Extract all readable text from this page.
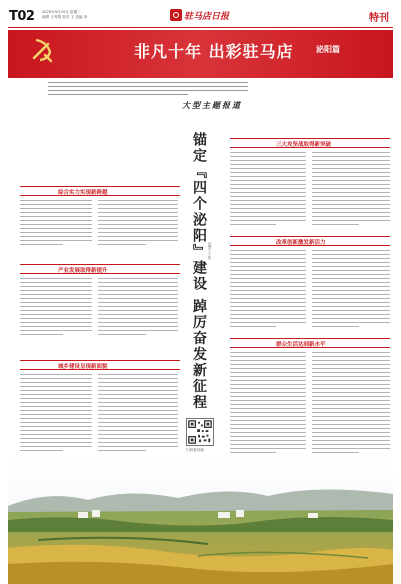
T02 2020年9月29日 星期二
编辑 王秀娟 校对 王 美编 李	驻马店日报	特刊
非凡十年 出彩驻马店	泌阳篇
大型主题报道
综合实力实现新跨越
产业发展取得新提升
城乡建设呈现新面貌	锚定『四个泌阳』建设 踔厉奋发新征程 记者 王 张
扫码看视频
三大攻坚战取得新突破
改革创新激发新活力
群众生活达到新水平
